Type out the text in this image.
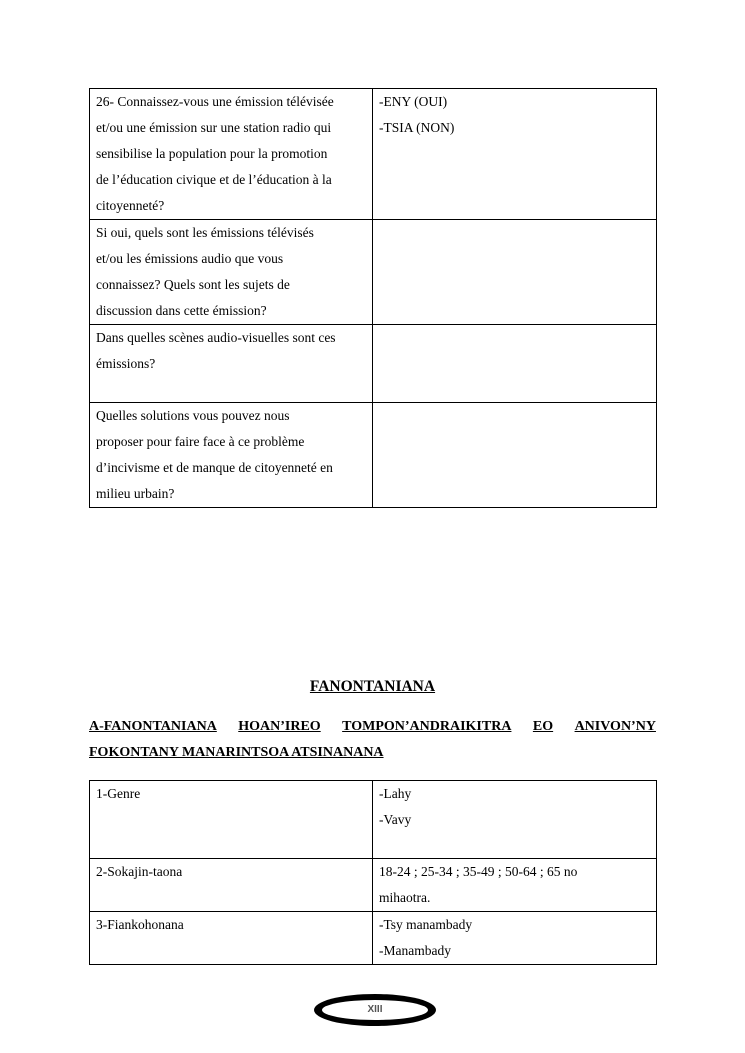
26- Connaissez-vous une émission télévisée
et/ou une émission sur une station radio qui
sensibilise la population pour la promotion
de l’éducation civique et de l’éducation à la
citoyenneté?	-ENY (OUI)
-TSIA (NON)

Si oui, quels sont les émissions télévisés
et/ou les émissions audio que vous
connaissez? Quels sont les sujets de
discussion dans cette émission?	

Dans quelles scènes audio-visuelles sont ces
émissions?	

Quelles solutions vous pouvez nous
proposer pour faire face à ce problème
d’incivisme et de manque de citoyenneté en
milieu urbain?	

FANONTANIANA
A-FANONTANIANA HOAN’IREO TOMPON’ANDRAIKITRA EO ANIVON’NY
FOKONTANY MANARINTSOA ATSINANANA
1-Genre	-Lahy
-Vavy

2-Sokajin-taona	18-24 ; 25-34 ; 35-49 ; 50-64 ; 65 no
mihaotra.

3-Fiankohonana	-Tsy manambady
-Manambady
XIII
